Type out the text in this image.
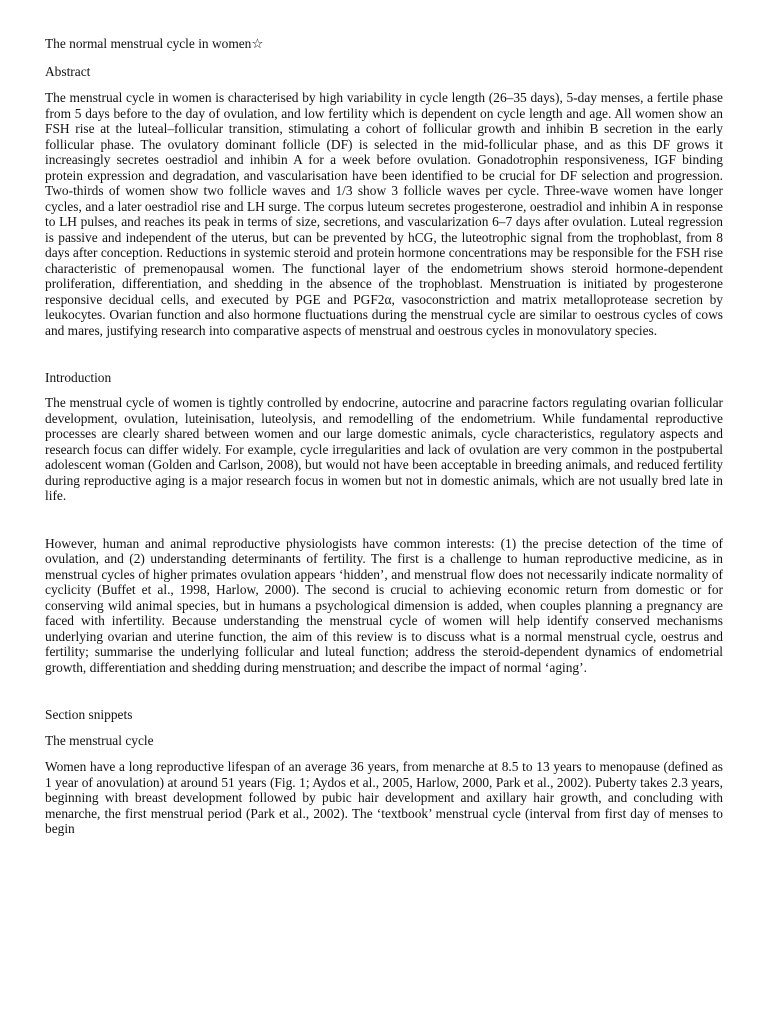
The normal menstrual cycle in women☆

Abstract

The menstrual cycle in women is characterised by high variability in cycle length (26–35 days), 5-day menses, a fertile phase from 5 days before to the day of ovulation, and low fertility which is dependent on cycle length and age. All women show an FSH rise at the luteal–follicular transition, stimulating a cohort of follicular growth and inhibin B secretion in the early follicular phase. The ovulatory dominant follicle (DF) is selected in the mid-follicular phase, and as this DF grows it increasingly secretes oestradiol and inhibin A for a week before ovulation. Gonadotrophin responsiveness, IGF binding protein expression and degradation, and vascularisation have been identified to be crucial for DF selection and progression. Two-thirds of women show two follicle waves and 1/3 show 3 follicle waves per cycle. Three-wave women have longer cycles, and a later oestradiol rise and LH surge. The corpus luteum secretes progesterone, oestradiol and inhibin A in response to LH pulses, and reaches its peak in terms of size, secretions, and vascularization 6–7 days after ovulation. Luteal regression is passive and independent of the uterus, but can be prevented by hCG, the luteotrophic signal from the trophoblast, from 8 days after conception. Reductions in systemic steroid and protein hormone concentrations may be responsible for the FSH rise characteristic of premenopausal women. The functional layer of the endometrium shows steroid hormone-dependent proliferation, differentiation, and shedding in the absence of the trophoblast. Menstruation is initiated by progesterone responsive decidual cells, and executed by PGE and PGF2α, vasoconstriction and matrix metalloprotease secretion by leukocytes. Ovarian function and also hormone fluctuations during the menstrual cycle are similar to oestrous cycles of cows and mares, justifying research into comparative aspects of menstrual and oestrous cycles in monovulatory species.

Introduction

The menstrual cycle of women is tightly controlled by endocrine, autocrine and paracrine factors regulating ovarian follicular development, ovulation, luteinisation, luteolysis, and remodelling of the endometrium. While fundamental reproductive processes are clearly shared between women and our large domestic animals, cycle characteristics, regulatory aspects and research focus can differ widely. For example, cycle irregularities and lack of ovulation are very common in the postpubertal adolescent woman (Golden and Carlson, 2008), but would not have been acceptable in breeding animals, and reduced fertility during reproductive aging is a major research focus in women but not in domestic animals, which are not usually bred late in life.

However, human and animal reproductive physiologists have common interests: (1) the precise detection of the time of ovulation, and (2) understanding determinants of fertility. The first is a challenge to human reproductive medicine, as in menstrual cycles of higher primates ovulation appears ‘hidden’, and menstrual flow does not necessarily indicate normality of cyclicity (Buffet et al., 1998, Harlow, 2000). The second is crucial to achieving economic return from domestic or for conserving wild animal species, but in humans a psychological dimension is added, when couples planning a pregnancy are faced with infertility. Because understanding the menstrual cycle of women will help identify conserved mechanisms underlying ovarian and uterine function, the aim of this review is to discuss what is a normal menstrual cycle, oestrus and fertility; summarise the underlying follicular and luteal function; address the steroid-dependent dynamics of endometrial growth, differentiation and shedding during menstruation; and describe the impact of normal ‘aging’.

Section snippets

The menstrual cycle

Women have a long reproductive lifespan of an average 36 years, from menarche at 8.5 to 13 years to menopause (defined as 1 year of anovulation) at around 51 years (Fig. 1; Aydos et al., 2005, Harlow, 2000, Park et al., 2002). Puberty takes 2.3 years, beginning with breast development followed by pubic hair development and axillary hair growth, and concluding with menarche, the first menstrual period (Park et al., 2002). The ‘textbook’ menstrual cycle (interval from first day of menses to begin
